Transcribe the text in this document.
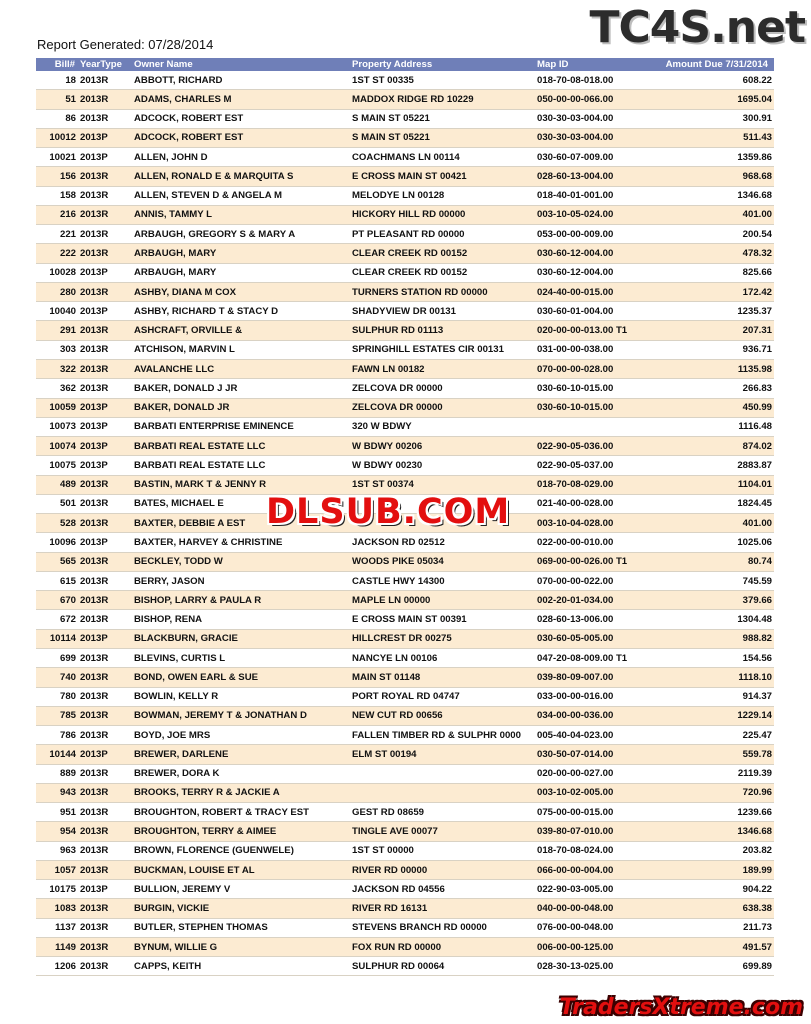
Report Generated: 07/28/2014	TC4S.net
Bill#	YearType	Owner Name	Property Address	Map ID	Amount Due 7/31/2014
18	2013R	ABBOTT, RICHARD	1ST ST 00335	018-70-08-018.00	608.22
51	2013R	ADAMS, CHARLES M	MADDOX RIDGE RD 10229	050-00-00-066.00	1695.04
86	2013R	ADCOCK, ROBERT EST	S MAIN ST 05221	030-30-03-004.00	300.91
10012	2013P	ADCOCK, ROBERT EST	S MAIN ST 05221	030-30-03-004.00	511.43
10021	2013P	ALLEN, JOHN D	COACHMANS LN 00114	030-60-07-009.00	1359.86
156	2013R	ALLEN, RONALD E & MARQUITA S	E CROSS MAIN ST 00421	028-60-13-004.00	968.68
158	2013R	ALLEN, STEVEN D & ANGELA M	MELODYE LN 00128	018-40-01-001.00	1346.68
216	2013R	ANNIS, TAMMY L	HICKORY HILL RD 00000	003-10-05-024.00	401.00
221	2013R	ARBAUGH, GREGORY S & MARY A	PT PLEASANT RD 00000	053-00-00-009.00	200.54
222	2013R	ARBAUGH, MARY	CLEAR CREEK RD 00152	030-60-12-004.00	478.32
10028	2013P	ARBAUGH, MARY	CLEAR CREEK RD 00152	030-60-12-004.00	825.66
280	2013R	ASHBY, DIANA M COX	TURNERS STATION RD 00000	024-40-00-015.00	172.42
10040	2013P	ASHBY, RICHARD T & STACY D	SHADYVIEW DR 00131	030-60-01-004.00	1235.37
291	2013R	ASHCRAFT, ORVILLE &	SULPHUR RD 01113	020-00-00-013.00 T1	207.31
303	2013R	ATCHISON, MARVIN L	SPRINGHILL ESTATES CIR 00131	031-00-00-038.00	936.71
322	2013R	AVALANCHE LLC	FAWN LN 00182	070-00-00-028.00	1135.98
362	2013R	BAKER, DONALD J JR	ZELCOVA DR 00000	030-60-10-015.00	266.83
10059	2013P	BAKER, DONALD JR	ZELCOVA DR 00000	030-60-10-015.00	450.99
10073	2013P	BARBATI ENTERPRISE EMINENCE	320 W BDWY		1116.48
10074	2013P	BARBATI REAL ESTATE LLC	W BDWY 00206	022-90-05-036.00	874.02
10075	2013P	BARBATI REAL ESTATE LLC	W BDWY 00230	022-90-05-037.00	2883.87
489	2013R	BASTIN, MARK T & JENNY R	1ST ST 00374	018-70-08-029.00	1104.01
501	2013R	BATES, MICHAEL E		021-40-00-028.00	1824.45
528	2013R	BAXTER, DEBBIE A EST		003-10-04-028.00	401.00
10096	2013P	BAXTER, HARVEY & CHRISTINE	JACKSON RD 02512	022-00-00-010.00	1025.06
565	2013R	BECKLEY, TODD W	WOODS PIKE 05034	069-00-00-026.00 T1	80.74
615	2013R	BERRY, JASON	CASTLE HWY 14300	070-00-00-022.00	745.59
670	2013R	BISHOP, LARRY & PAULA R	MAPLE LN 00000	002-20-01-034.00	379.66
672	2013R	BISHOP, RENA	E CROSS MAIN ST 00391	028-60-13-006.00	1304.48
10114	2013P	BLACKBURN, GRACIE	HILLCREST DR 00275	030-60-05-005.00	988.82
699	2013R	BLEVINS, CURTIS L	NANCYE LN 00106	047-20-08-009.00 T1	154.56
740	2013R	BOND, OWEN EARL & SUE	MAIN ST 01148	039-80-09-007.00	1118.10
780	2013R	BOWLIN, KELLY R	PORT ROYAL RD 04747	033-00-00-016.00	914.37
785	2013R	BOWMAN, JEREMY T & JONATHAN D	NEW CUT RD 00656	034-00-00-036.00	1229.14
786	2013R	BOYD, JOE MRS	FALLEN TIMBER RD & SULPHR 0000	005-40-04-023.00	225.47
10144	2013P	BREWER, DARLENE	ELM ST 00194	030-50-07-014.00	559.78
889	2013R	BREWER, DORA K		020-00-00-027.00	2119.39
943	2013R	BROOKS, TERRY R & JACKIE A		003-10-02-005.00	720.96
951	2013R	BROUGHTON, ROBERT & TRACY EST	GEST RD 08659	075-00-00-015.00	1239.66
954	2013R	BROUGHTON, TERRY & AIMEE	TINGLE AVE 00077	039-80-07-010.00	1346.68
963	2013R	BROWN, FLORENCE (GUENWELE)	1ST ST 00000	018-70-08-024.00	203.82
1057	2013R	BUCKMAN, LOUISE ET AL	RIVER RD 00000	066-00-00-004.00	189.99
10175	2013P	BULLION, JEREMY V	JACKSON RD 04556	022-90-03-005.00	904.22
1083	2013R	BURGIN, VICKIE	RIVER RD 16131	040-00-00-048.00	638.38
1137	2013R	BUTLER, STEPHEN THOMAS	STEVENS BRANCH RD 00000	076-00-00-048.00	211.73
1149	2013R	BYNUM, WILLIE G	FOX RUN RD 00000	006-00-00-125.00	491.57
1206	2013R	CAPPS, KEITH	SULPHUR RD 00064	028-30-13-025.00	699.89
DLSUB.COM
TradersXtreme.com
